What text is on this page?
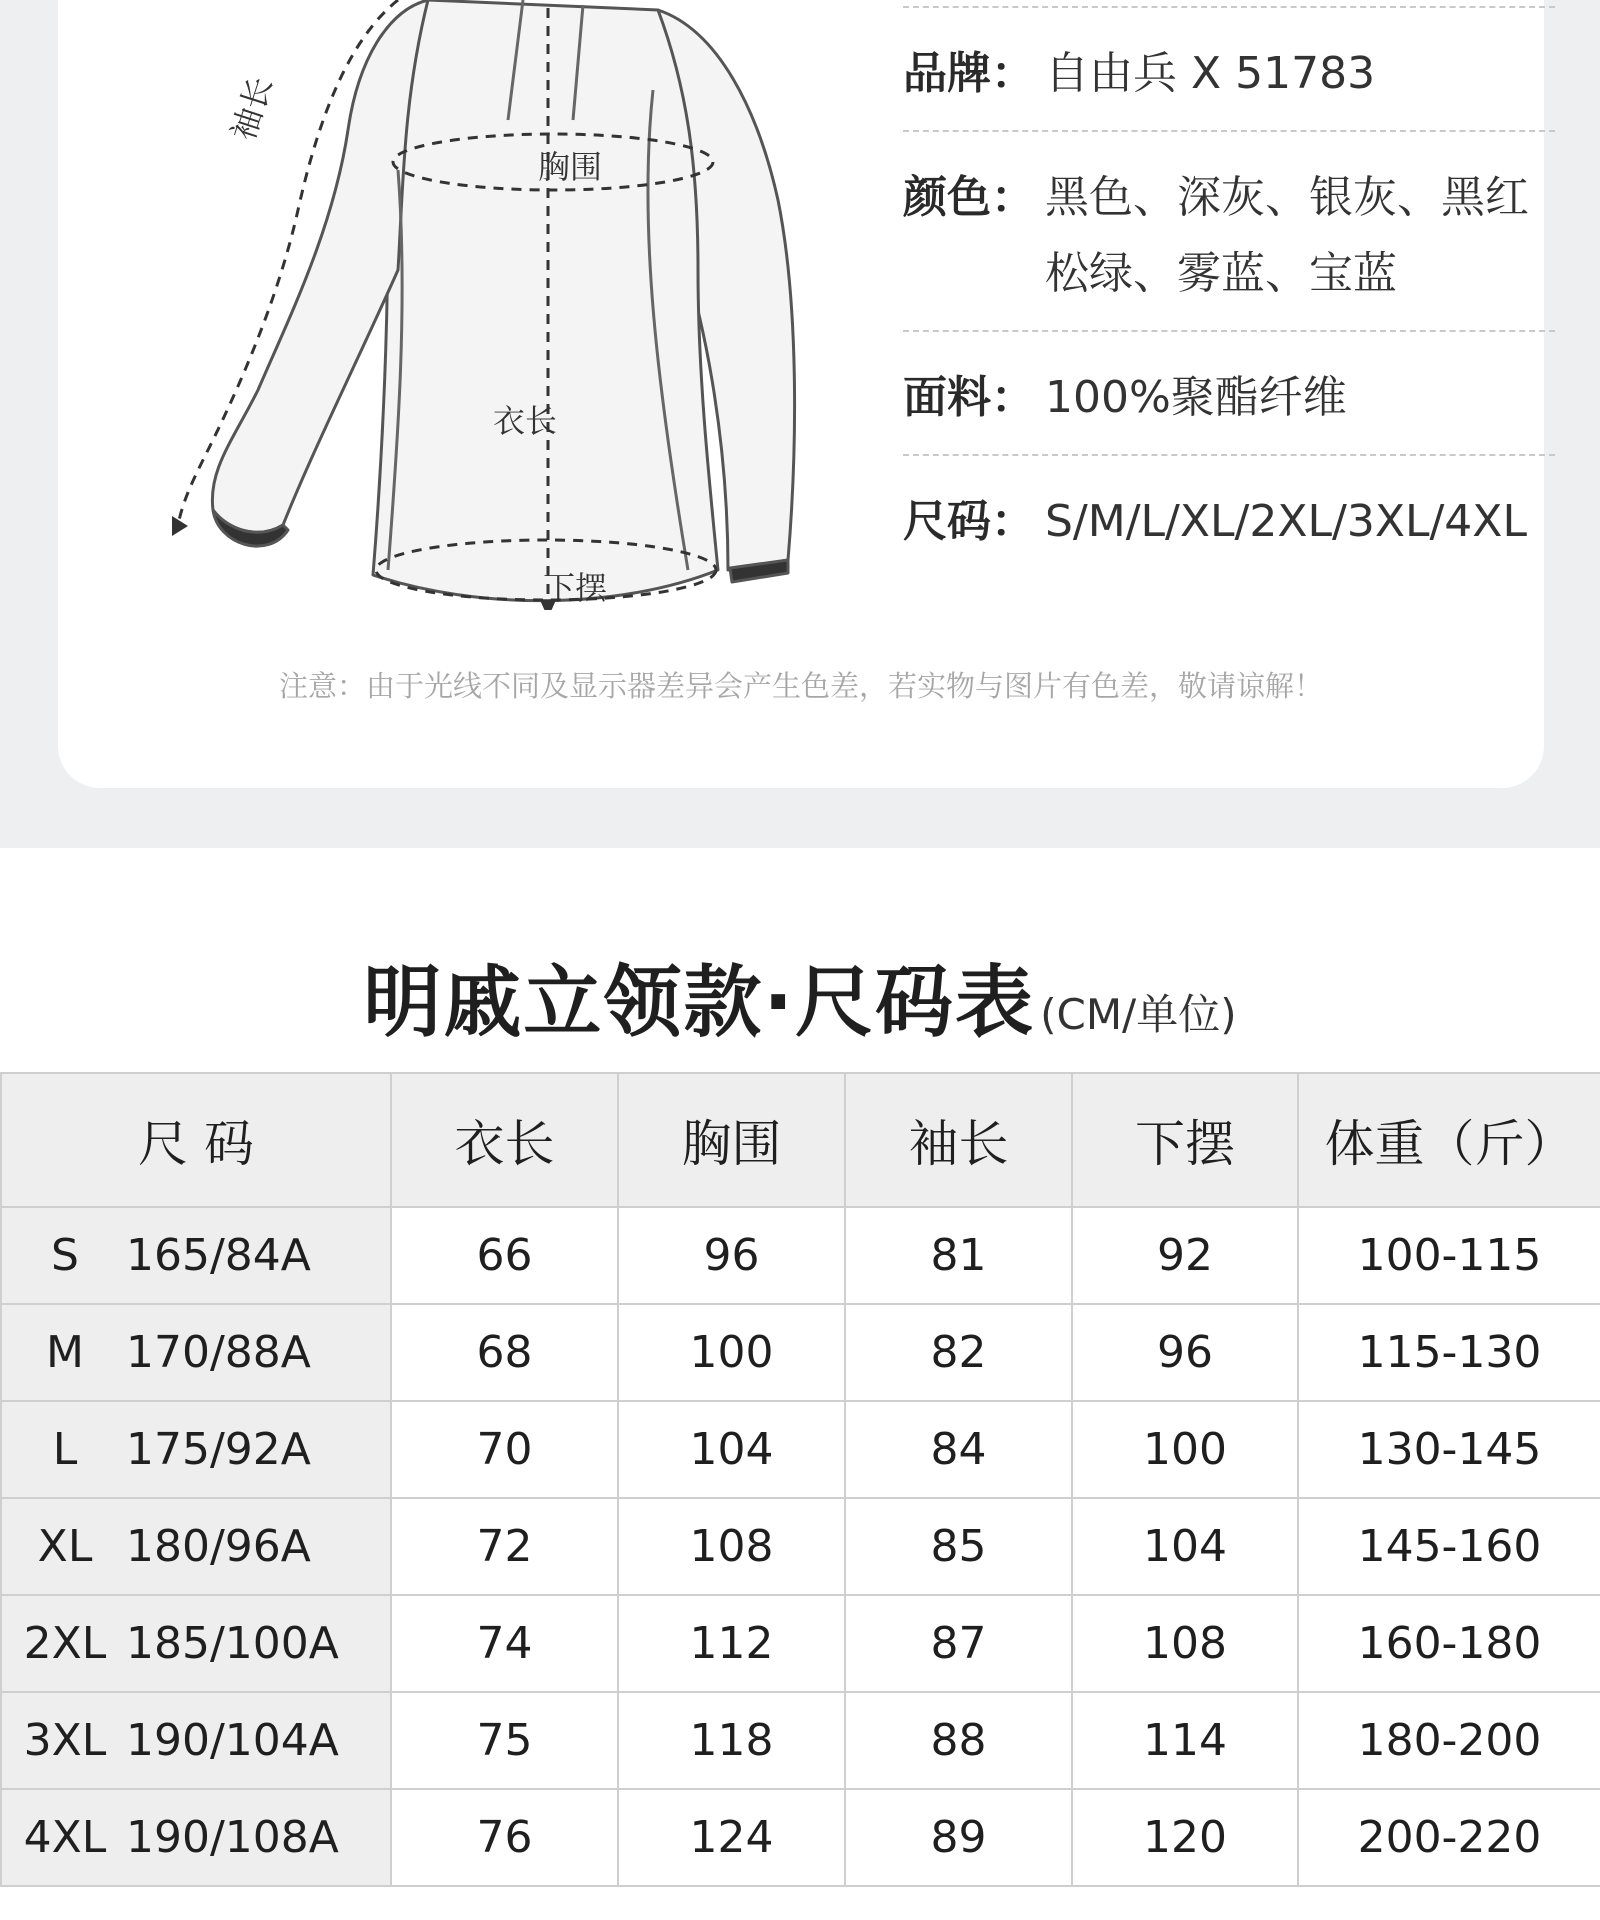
袖长
胸围
衣长
下摆
品牌： 自由兵 X 51783
颜色： 黑色、深灰、银灰、黑红
松绿、雾蓝、宝蓝
面料： 100%聚酯纤维
尺码： S/M/L/XL/2XL/3XL/4XL
注意：由于光线不同及显示器差异会产生色差，若实物与图片有色差，敬请谅解！
明戚立领款·尺码表 (CM/单位)
尺 码	衣长	胸围	袖长	下摆	体重（斤）
S 165/84A	66	96	81	92	100-115
M 170/88A	68	100	82	96	115-130
L 175/92A	70	104	84	100	130-145
XL 180/96A	72	108	85	104	145-160
2XL 185/100A	74	112	87	108	160-180
3XL 190/104A	75	118	88	114	180-200
4XL 190/108A	76	124	89	120	200-220
